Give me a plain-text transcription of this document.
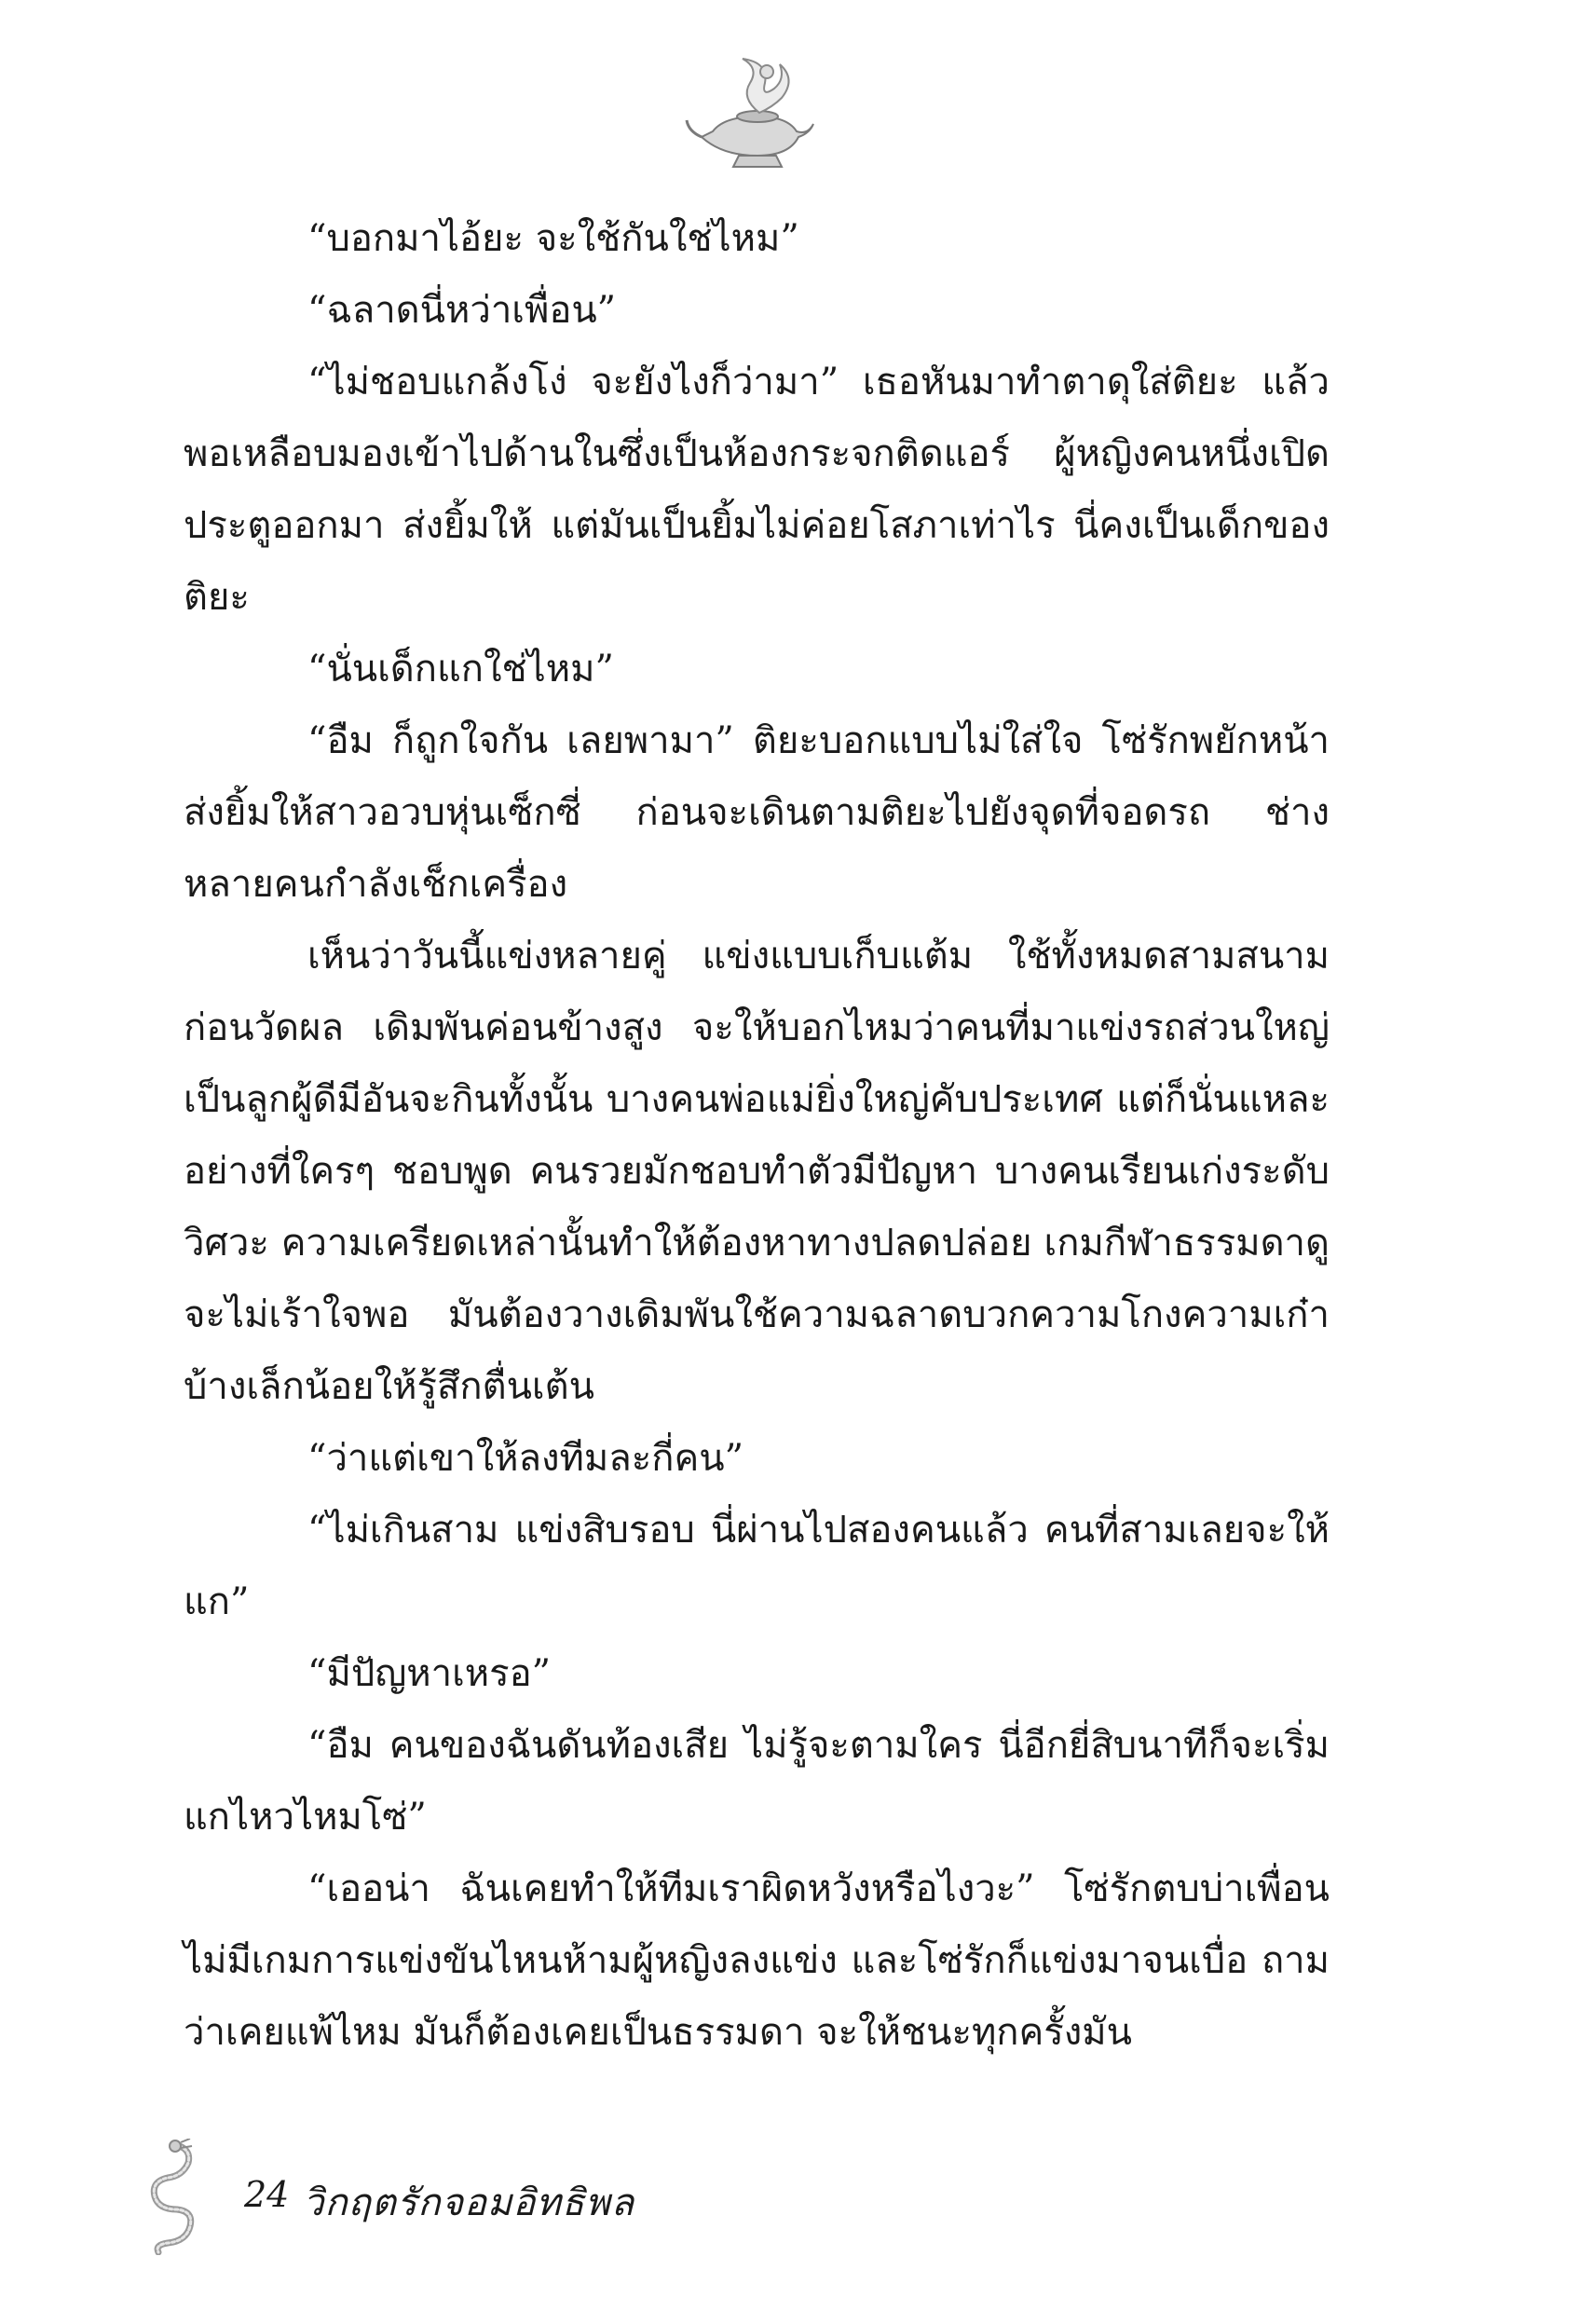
“บอกมาไอ้ยะ จะใช้กันใช่ไหม”

“ฉลาดนี่หว่าเพื่อน”

“ไม่ชอบแกล้งโง่ จะยังไงก็ว่ามา” เธอหันมาทำตาดุใส่ติยะ แล้วพอเหลือบมองเข้าไปด้านในซึ่งเป็นห้องกระจกติดแอร์ ผู้หญิงคนหนึ่งเปิดประตูออกมา ส่งยิ้มให้ แต่มันเป็นยิ้มไม่ค่อยโสภาเท่าไร นี่คงเป็นเด็กของติยะ

“นั่นเด็กแกใช่ไหม”

“อืม ก็ถูกใจกัน เลยพามา” ติยะบอกแบบไม่ใส่ใจ โซ่รักพยักหน้าส่งยิ้มให้สาวอวบหุ่นเซ็กซี่ ก่อนจะเดินตามติยะไปยังจุดที่จอดรถ ช่างหลายคนกำลังเช็กเครื่อง

เห็นว่าวันนี้แข่งหลายคู่ แข่งแบบเก็บแต้ม ใช้ทั้งหมดสามสนามก่อนวัดผล เดิมพันค่อนข้างสูง จะให้บอกไหมว่าคนที่มาแข่งรถส่วนใหญ่เป็นลูกผู้ดีมีอันจะกินทั้งนั้น บางคนพ่อแม่ยิ่งใหญ่คับประเทศ แต่ก็นั่นแหละ อย่างที่ใครๆ ชอบพูด คนรวยมักชอบทำตัวมีปัญหา บางคนเรียนเก่งระดับวิศวะ ความเครียดเหล่านั้นทำให้ต้องหาทางปลดปล่อย เกมกีฬาธรรมดาดูจะไม่เร้าใจพอ มันต้องวางเดิมพันใช้ความฉลาดบวกความโกงความเก๋าบ้างเล็กน้อยให้รู้สึกตื่นเต้น

“ว่าแต่เขาให้ลงทีมละกี่คน”

“ไม่เกินสาม แข่งสิบรอบ นี่ผ่านไปสองคนแล้ว คนที่สามเลยจะให้แก”

“มีปัญหาเหรอ”

“อืม คนของฉันดันท้องเสีย ไม่รู้จะตามใคร นี่อีกยี่สิบนาทีก็จะเริ่ม แกไหวไหมโซ่”

“เออน่า ฉันเคยทำให้ทีมเราผิดหวังหรือไงวะ” โซ่รักตบบ่าเพื่อน ไม่มีเกมการแข่งขันไหนห้ามผู้หญิงลงแข่ง และโซ่รักก็แข่งมาจนเบื่อ ถามว่าเคยแพ้ไหม มันก็ต้องเคยเป็นธรรมดา จะให้ชนะทุกครั้งมัน

24 วิกฤตรักจอมอิทธิพล
